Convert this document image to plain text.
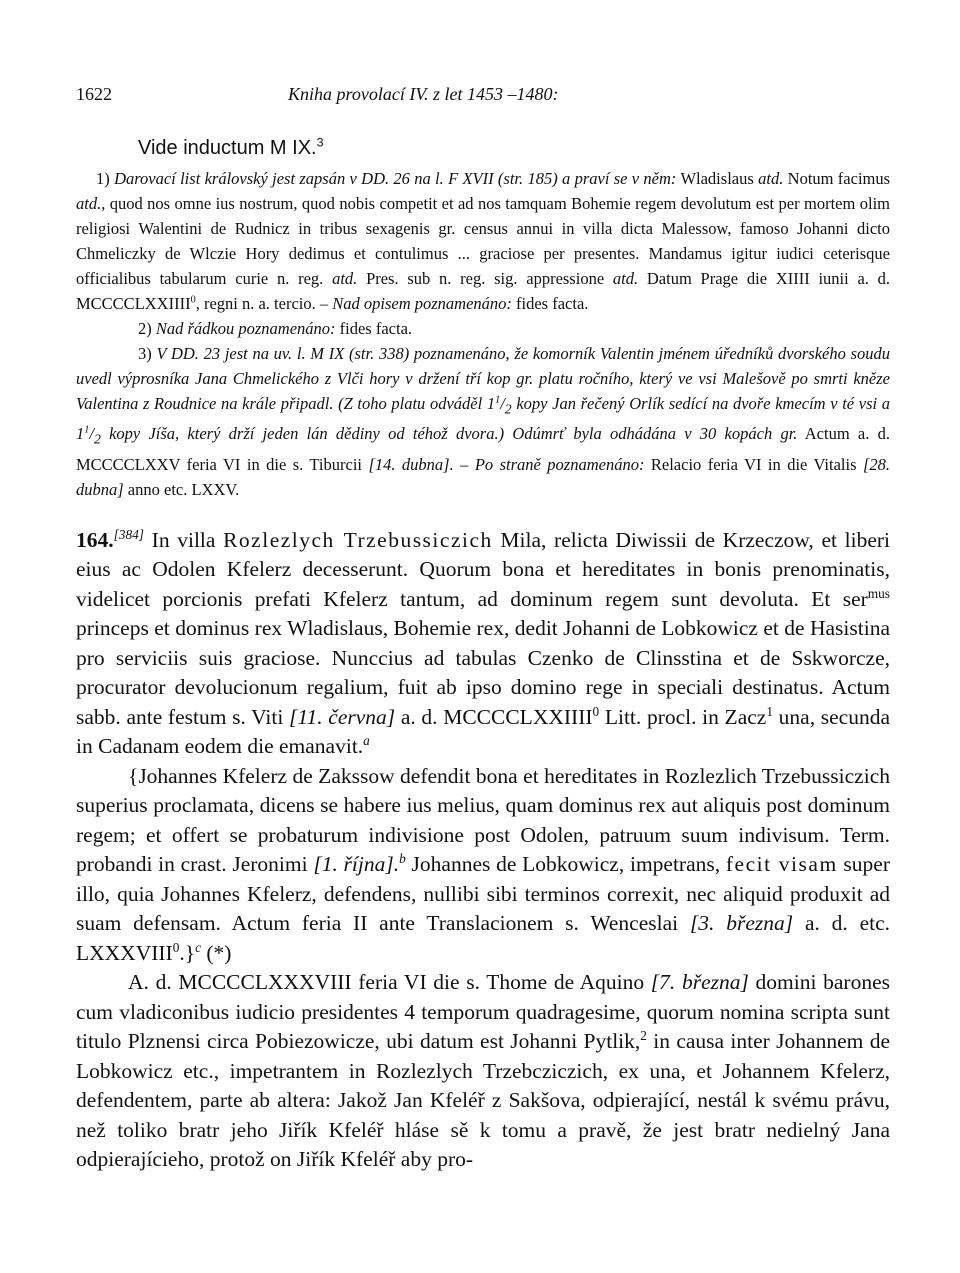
1622	Kniha provolací IV. z let 1453 –1480:
Vide inductum M IX.$^3$

1) Darovací list královský jest zapsán v DD. 26 na l. F XVII (str. 185) a praví se v něm: Wladislaus atd. Notum facimus atd., quod nos omne ius nostrum, quod nobis competit et ad nos tamquam Bohemie regem devolutum est per mortem olim religiosi Walentini de Rudnicz in tribus sexagenis gr. census annui in villa dicta Malessow, famoso Johanni dicto Chmeliczky de Wlczie Hory dedimus et contulimus ... graciose per presentes. Mandamus igitur iudici ceterisque officialibus tabularum curie n. reg. atd. Pres. sub n. reg. sig. appressione atd. Datum Prage die XIIII iunii a. d. MCCCCLXXIIII$^0$, regni n. a. tercio. – Nad opisem poznamenáno: fides facta.

2) Nad řádkou poznamenáno: fides facta.

3) V DD. 23 jest na uv. l. M IX (str. 338) poznamenáno, že komorník Valentin jménem úředníků dvorského soudu uvedl výprosníka Jana Chmelického z Vlči hory v držení tří kop gr. platu ročního, který ve vsi Malešově po smrti kněze Valentina z Roudnice na krále připadl. (Z toho platu odváděl $1^1/_2$ kopy Jan řečený Orlík sedící na dvoře kmecím v té vsi a $1^1/_2$ kopy Jíša, který drží jeden lán dědiny od téhož dvora.) Odúmrť byla odhádána v 30 kopách gr. Actum a. d. MCCCCLXXV feria VI in die s. Tiburcii [14. dubna]. – Po straně poznamenáno: Relacio feria VI in die Vitalis [28. dubna] anno etc. LXXV.

164.[384] In villa Rozlezlych Trzebussiczich Mila, relicta Diwissii de Krzeczow, et liberi eius ac Odolen Kfelerz decesserunt. Quorum bona et hereditates in bonis prenominatis, videlicet porcionis prefati Kfelerz tantum, ad dominum regem sunt devoluta. Et ser$^{mus}$ princeps et dominus rex Wladislaus, Bohemie rex, dedit Johanni de Lobkowicz et de Hasistina pro serviciis suis graciose. Nunccius ad tabulas Czenko de Clinsstina et de Sskworcze, procurator devolucionum regalium, fuit ab ipso domino rege in speciali destinatus. Actum sabb. ante festum s. Viti [11. června] a. d. MCCCCLXXIIII$^0$ Litt. procl. in Zacz$^1$ una, secunda in Cadanam eodem die emanavit.$^a$

{Johannes Kfelerz de Zakssow defendit bona et hereditates in Rozlezlich Trzebussiczich superius proclamata, dicens se habere ius melius, quam dominus rex aut aliquis post dominum regem; et offert se probaturum indivisione post Odolen, patruum suum indivisum. Term. probandi in crast. Jeronimi [1. října].$^b$ Johannes de Lobkowicz, impetrans, fecit visam super illo, quia Johannes Kfelerz, defendens, nullibi sibi terminos correxit, nec aliquid produxit ad suam defensam. Actum feria II ante Translacionem s. Wenceslai [3. března] a. d. etc. LXXXVIII$^0$.}$^c$ (*)

A. d. MCCCCLXXXVIII feria VI die s. Thome de Aquino [7. března] domini barones cum vladiconibus iudicio presidentes 4 temporum quadragesime, quorum nomina scripta sunt titulo Plznensi circa Pobiezowicze, ubi datum est Johanni Pytlik,$^2$ in causa inter Johannem de Lobkowicz etc., impetrantem in Rozlezlych Trzebcziczich, ex una, et Johannem Kfelerz, defendentem, parte ab altera: Jakož Jan Kfeléř z Sakšova, odpierající, nestál k svému právu, než toliko bratr jeho Jiřík Kfeléř hláse sě k tomu a pravě, že jest bratr nedielný Jana odpierajícieho, protož on Jiřík Kfeléř aby pro-
